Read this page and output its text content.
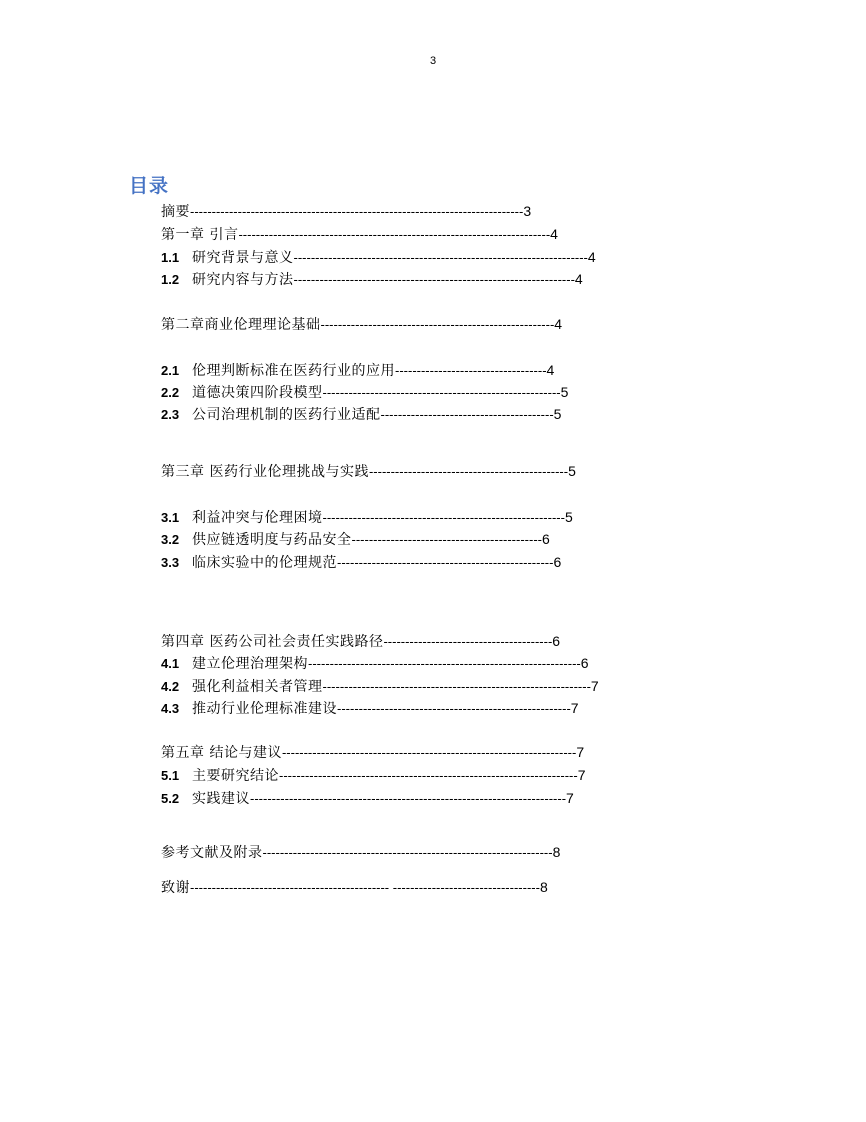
3
目录
摘要-----------------------------------------------------------------------------3
第一章 引言------------------------------------------------------------------------4
1.1 研究背景与意义--------------------------------------------------------------------4
1.2 研究内容与方法-----------------------------------------------------------------4
第二章商业伦理理论基础------------------------------------------------------4
2.1 伦理判断标准在医药行业的应用-----------------------------------4
2.2 道德决策四阶段模型-------------------------------------------------------5
2.3 公司治理机制的医药行业适配----------------------------------------5
第三章 医药行业伦理挑战与实践----------------------------------------------5
3.1 利益冲突与伦理困境--------------------------------------------------------5
3.2 供应链透明度与药品安全--------------------------------------------6
3.3 临床实验中的伦理规范--------------------------------------------------6
第四章 医药公司社会责任实践路径---------------------------------------6
4.1 建立伦理治理架构---------------------------------------------------------------6
4.2 强化利益相关者管理--------------------------------------------------------------7
4.3 推动行业伦理标准建设------------------------------------------------------7
第五章 结论与建议--------------------------------------------------------------------7
5.1 主要研究结论---------------------------------------------------------------------7
5.2 实践建议-------------------------------------------------------------------------7
参考文献及附录-------------------------------------------------------------------8
致谢---------------------------------------------- ----------------------------------8
